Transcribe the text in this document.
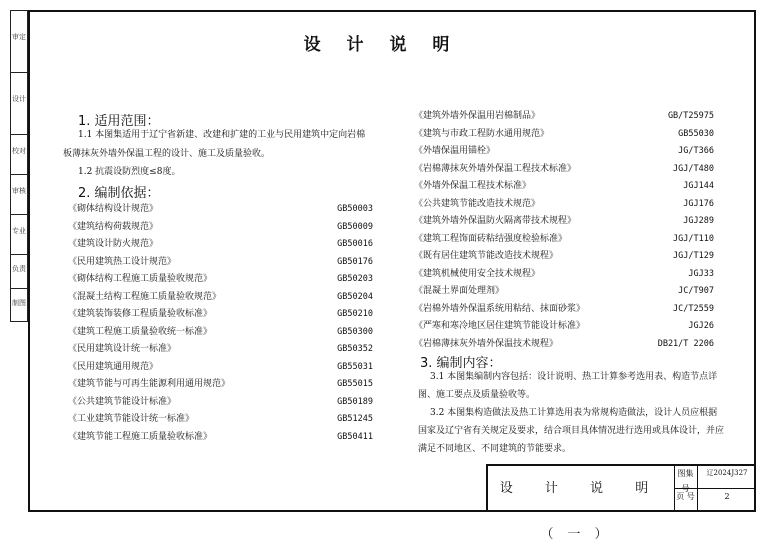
审定
设计
校对
审核
专业
负责
制图
设 计 说 明
1. 适用范围：
1.1 本图集适用于辽宁省新建、改建和扩建的工业与民用建筑中定向岩棉
板薄抹灰外墙外保温工程的设计、施工及质量验收。
1.2 抗震设防烈度≤8度。
2. 编制依据：
《砌体结构设计规范》	GB50003
《建筑结构荷载规范》	GB50009
《建筑设计防火规范》	GB50016
《民用建筑热工设计规范》	GB50176
《砌体结构工程施工质量验收规范》	GB50203
《混凝土结构工程施工质量验收规范》	GB50204
《建筑装饰装修工程质量验收标准》	GB50210
《建筑工程施工质量验收统一标准》	GB50300
《民用建筑设计统一标准》	GB50352
《民用建筑通用规范》	GB55031
《建筑节能与可再生能源利用通用规范》	GB55015
《公共建筑节能设计标准》	GB50189
《工业建筑节能设计统一标准》	GB51245
《建筑节能工程施工质量验收标准》	GB50411
《建筑外墙外保温用岩棉制品》	GB/T25975
《建筑与市政工程防水通用规范》	GB55030
《外墙保温用锚栓》	JG/T366
《岩棉薄抹灰外墙外保温工程技术标准》	JGJ/T480
《外墙外保温工程技术标准》	JGJ144
《公共建筑节能改造技术规范》	JGJ176
《建筑外墙外保温防火隔离带技术规程》	JGJ289
《建筑工程饰面砖粘结强度检验标准》	JGJ/T110
《既有居住建筑节能改造技术规程》	JGJ/T129
《建筑机械使用安全技术规程》	JGJ33
《混凝土界面处理剂》	JC/T907
《岩棉外墙外保温系统用粘结、抹面砂浆》	JC/T2559
《严寒和寒冷地区居住建筑节能设计标准》	JGJ26
《岩棉薄抹灰外墙外保温技术规程》	DB21/T 2206
3. 编制内容：
3.1 本图集编制内容包括：设计说明、热工计算参考选用表、构造节点详
图、施工要点及质量验收等。
3.2 本图集构造做法及热工计算选用表为常规构造做法，设计人员应根据
国家及辽宁省有关规定及要求，结合项目具体情况进行选用或具体设计，并应
满足不同地区、不同建筑的节能要求。
设 计 说 明（一）
图集号
辽2024J327
页 号	2
